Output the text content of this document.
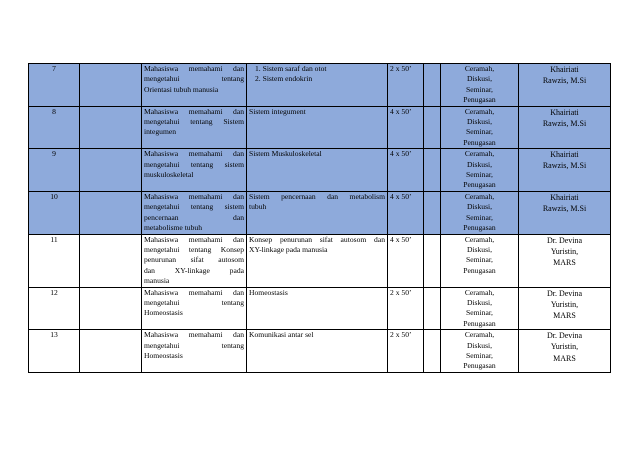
7		Mahasiswa memahami dan
mengetahui tentang
Orientasi tubuh manusia	1. Sistem saraf dan otot
2. Sistem endokrin	2 x 50’		Ceramah,
Diskusi,
Seminar,
Penugasan	Khairiati
Rawzis, M.Si

8		Mahasiswa memahami dan
mengetahui tentang Sistem
integumen	Sistem integument	4 x 50’		Ceramah,
Diskusi,
Seminar,
Penugasan	Khairiati
Rawzis, M.Si

9		Mahasiswa memahami dan
mengetahui tentang sistem
muskuloskeletal	Sistem Muskuloskeletal	4 x 50’		Ceramah,
Diskusi,
Seminar,
Penugasan	Khairiati
Rawzis, M.Si

10		Mahasiswa memahami dan
mengetahui tentang sistem
pencernaan dan
metabolisme tubuh	Sistem pencernaan dan metabolism
tubuh	4 x 50’		Ceramah,
Diskusi,
Seminar,
Penugasan	Khairiati
Rawzis, M.Si

11		Mahasiswa memahami dan
mengetahui tentang Konsep
penurunan sifat autosom
dan XY-linkage pada
manusia	Konsep penurunan sifat autosom dan
XY-linkage pada manusia	4 x 50’		Ceramah,
Diskusi,
Seminar,
Penugasan	Dr. Devina
Yuristin,
MARS

12		Mahasiswa memahami dan
mengetahui tentang
Homeostasis	Homeostasis	2 x 50’		Ceramah,
Diskusi,
Seminar,
Penugasan	Dr. Devina
Yuristin,
MARS

13		Mahasiswa memahami dan
mengetahui tentang
Homeostasis	Komunikasi antar sel	2 x 50’		Ceramah,
Diskusi,
Seminar,
Penugasan	Dr. Devina
Yuristin,
MARS
